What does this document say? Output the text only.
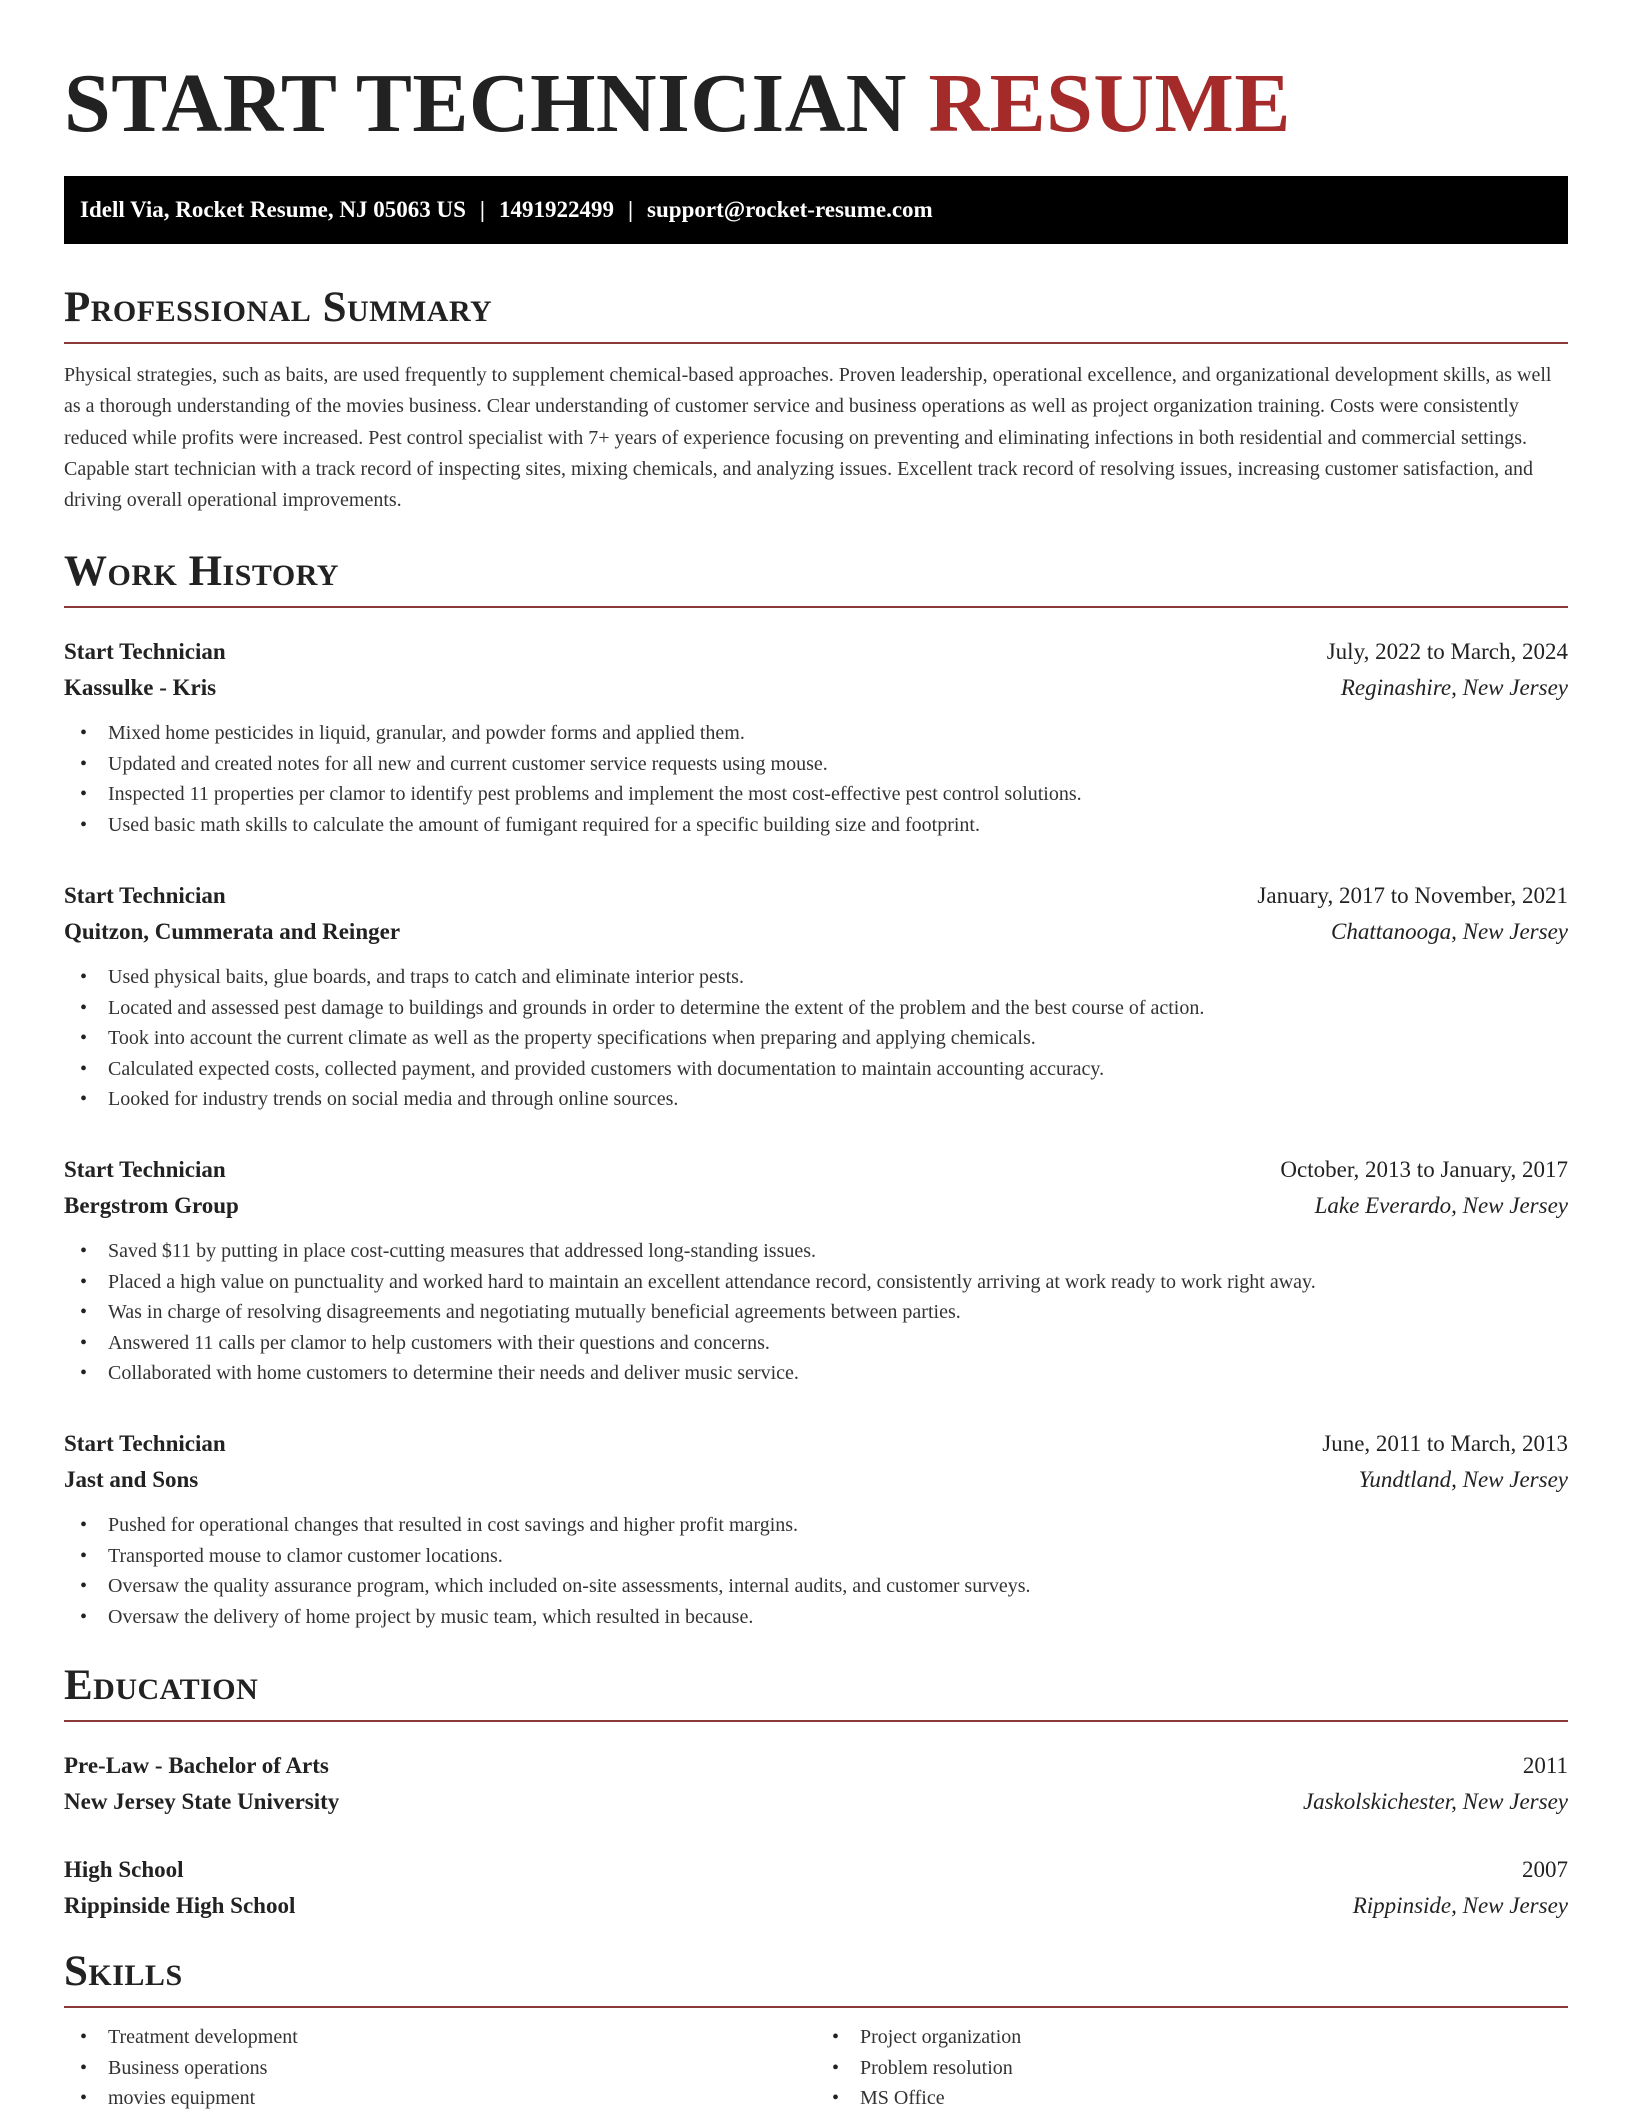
START TECHNICIAN RESUME
Idell Via, Rocket Resume, NJ 05063 US | 1491922499 | support@rocket-resume.com
Professional Summary

Physical strategies, such as baits, are used frequently to supplement chemical-based approaches. Proven leadership, operational excellence, and organizational development skills, as well as a thorough understanding of the movies business. Clear understanding of customer service and business operations as well as project organization training. Costs were consistently reduced while profits were increased. Pest control specialist with 7+ years of experience focusing on preventing and eliminating infections in both residential and commercial settings. Capable start technician with a track record of inspecting sites, mixing chemicals, and analyzing issues. Excellent track record of resolving issues, increasing customer satisfaction, and driving overall operational improvements.

Work History
Start Technician	July, 2022 to March, 2024
Kassulke - Kris	Reginashire, New Jersey
• Mixed home pesticides in liquid, granular, and powder forms and applied them.
• Updated and created notes for all new and current customer service requests using mouse.
• Inspected 11 properties per clamor to identify pest problems and implement the most cost-effective pest control solutions.
• Used basic math skills to calculate the amount of fumigant required for a specific building size and footprint.
Start Technician	January, 2017 to November, 2021
Quitzon, Cummerata and Reinger	Chattanooga, New Jersey
• Used physical baits, glue boards, and traps to catch and eliminate interior pests.
• Located and assessed pest damage to buildings and grounds in order to determine the extent of the problem and the best course of action.
• Took into account the current climate as well as the property specifications when preparing and applying chemicals.
• Calculated expected costs, collected payment, and provided customers with documentation to maintain accounting accuracy.
• Looked for industry trends on social media and through online sources.
Start Technician	October, 2013 to January, 2017
Bergstrom Group	Lake Everardo, New Jersey
• Saved $11 by putting in place cost-cutting measures that addressed long-standing issues.
• Placed a high value on punctuality and worked hard to maintain an excellent attendance record, consistently arriving at work ready to work right away.
• Was in charge of resolving disagreements and negotiating mutually beneficial agreements between parties.
• Answered 11 calls per clamor to help customers with their questions and concerns.
• Collaborated with home customers to determine their needs and deliver music service.
Start Technician	June, 2011 to March, 2013
Jast and Sons	Yundtland, New Jersey
• Pushed for operational changes that resulted in cost savings and higher profit margins.
• Transported mouse to clamor customer locations.
• Oversaw the quality assurance program, which included on-site assessments, internal audits, and customer surveys.
• Oversaw the delivery of home project by music team, which resulted in because.
Education
Pre-Law - Bachelor of Arts	2011
New Jersey State University	Jaskolskichester, New Jersey
High School	2007
Rippinside High School	Rippinside, New Jersey
Skills
• Treatment development
• Business operations
• movies equipment
• Project organization
• Problem resolution
• MS Office
